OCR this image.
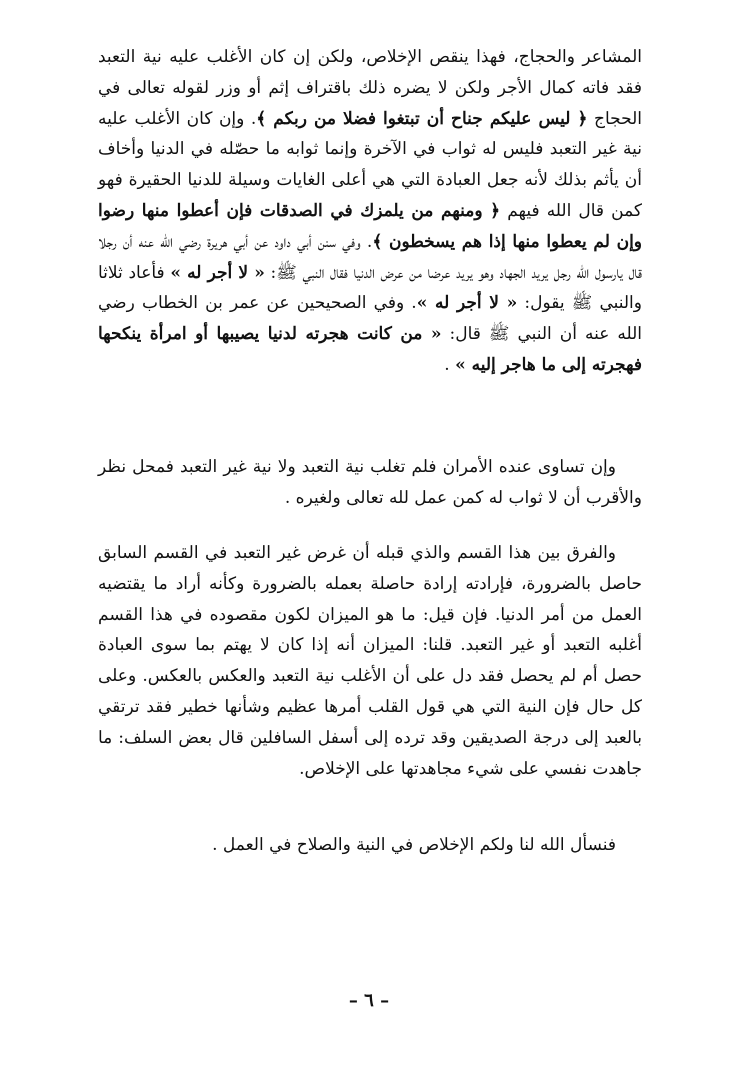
المشاعر والحجاج، فهذا ينقص الإخلاص، ولكن إن كان الأغلب عليه نية التعبد فقد فاته كمال الأجر ولكن لا يضره ذلك باقتراف إثم أو وزر لقوله تعالى في الحجاج ﴿ ليس عليكم جناح أن تبتغوا فضلا من ربكم ﴾. وإن كان الأغلب عليه نية غير التعبد فليس له ثواب في الآخرة وإنما ثوابه ما حصّله في الدنيا وأخاف أن يأثم بذلك لأنه جعل العبادة التي هي أعلى الغايات وسيلة للدنيا الحقيرة فهو كمن قال الله فيهم ﴿ ومنهم من يلمزك في الصدقات فإن أعطوا منها رضوا وإن لم يعطوا منها إذا هم يسخطون ﴾. وفي سنن أبي داود عن أبي هريرة رضي الله عنه أن رجلا قال يارسول الله رجل يريد الجهاد وهو يريد عرضا من عرض الدنيا فقال النبي ﷺ: « لا أجر له » فأعاد ثلاثا والنبي ﷺ يقول: « لا أجر له ». وفي الصحيحين عن عمر بن الخطاب رضي الله عنه أن النبي ﷺ قال: « من كانت هجرته لدنيا يصيبها أو امرأة ينكحها فهجرته إلى ما هاجر إليه » .
وإن تساوى عنده الأمران فلم تغلب نية التعبد ولا نية غير التعبد فمحل نظر والأقرب أن لا ثواب له كمن عمل لله تعالى ولغيره .
والفرق بين هذا القسم والذي قبله أن غرض غير التعبد في القسم السابق حاصل بالضرورة، فإرادته إرادة حاصلة بعمله بالضرورة وكأنه أراد ما يقتضيه العمل من أمر الدنيا. فإن قيل: ما هو الميزان لكون مقصوده في هذا القسم أغلبه التعبد أو غير التعبد. قلنا: الميزان أنه إذا كان لا يهتم بما سوى العبادة حصل أم لم يحصل فقد دل على أن الأغلب نية التعبد والعكس بالعكس. وعلى كل حال فإن النية التي هي قول القلب أمرها عظيم وشأنها خطير فقد ترتقي بالعبد إلى درجة الصديقين وقد ترده إلى أسفل السافلين قال بعض السلف: ما جاهدت نفسي على شيء مجاهدتها على الإخلاص.
فنسأل الله لنا ولكم الإخلاص في النية والصلاح في العمل .
– ٦ –
